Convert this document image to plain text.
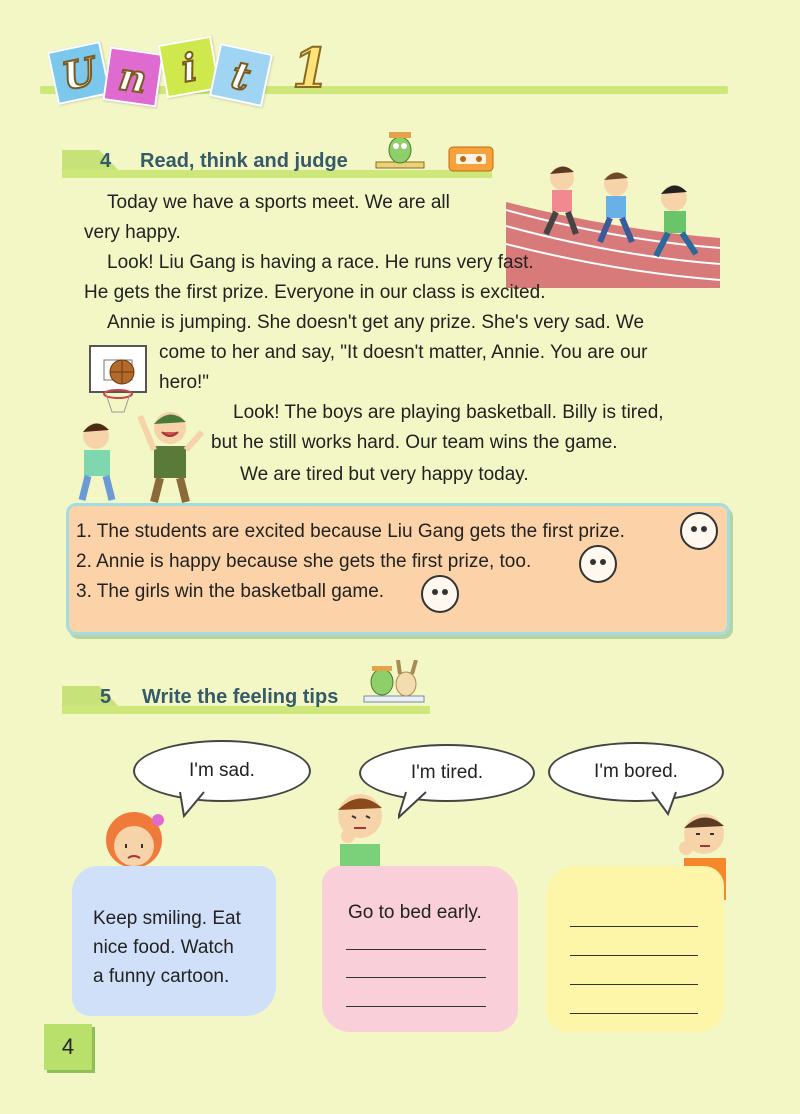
U n i t 1
4 Read, think and judge
Today we have a sports meet. We are all
very happy.
Look! Liu Gang is having a race. He runs very fast.
He gets the first prize. Everyone in our class is excited.
Annie is jumping. She doesn't get any prize. She's very sad. We
come to her and say, "It doesn't matter, Annie. You are our
hero!"
Look! The boys are playing basketball. Billy is tired,
but he still works hard. Our team wins the game.
We are tired but very happy today.
1. The students are excited because Liu Gang gets the first prize.
2. Annie is happy because she gets the first prize, too.
3. The girls win the basketball game.
5 Write the feeling tips
I'm sad.	I'm tired.	I'm bored.
Keep smiling. Eat
nice food. Watch
a funny cartoon.
Go to bed early.
4
